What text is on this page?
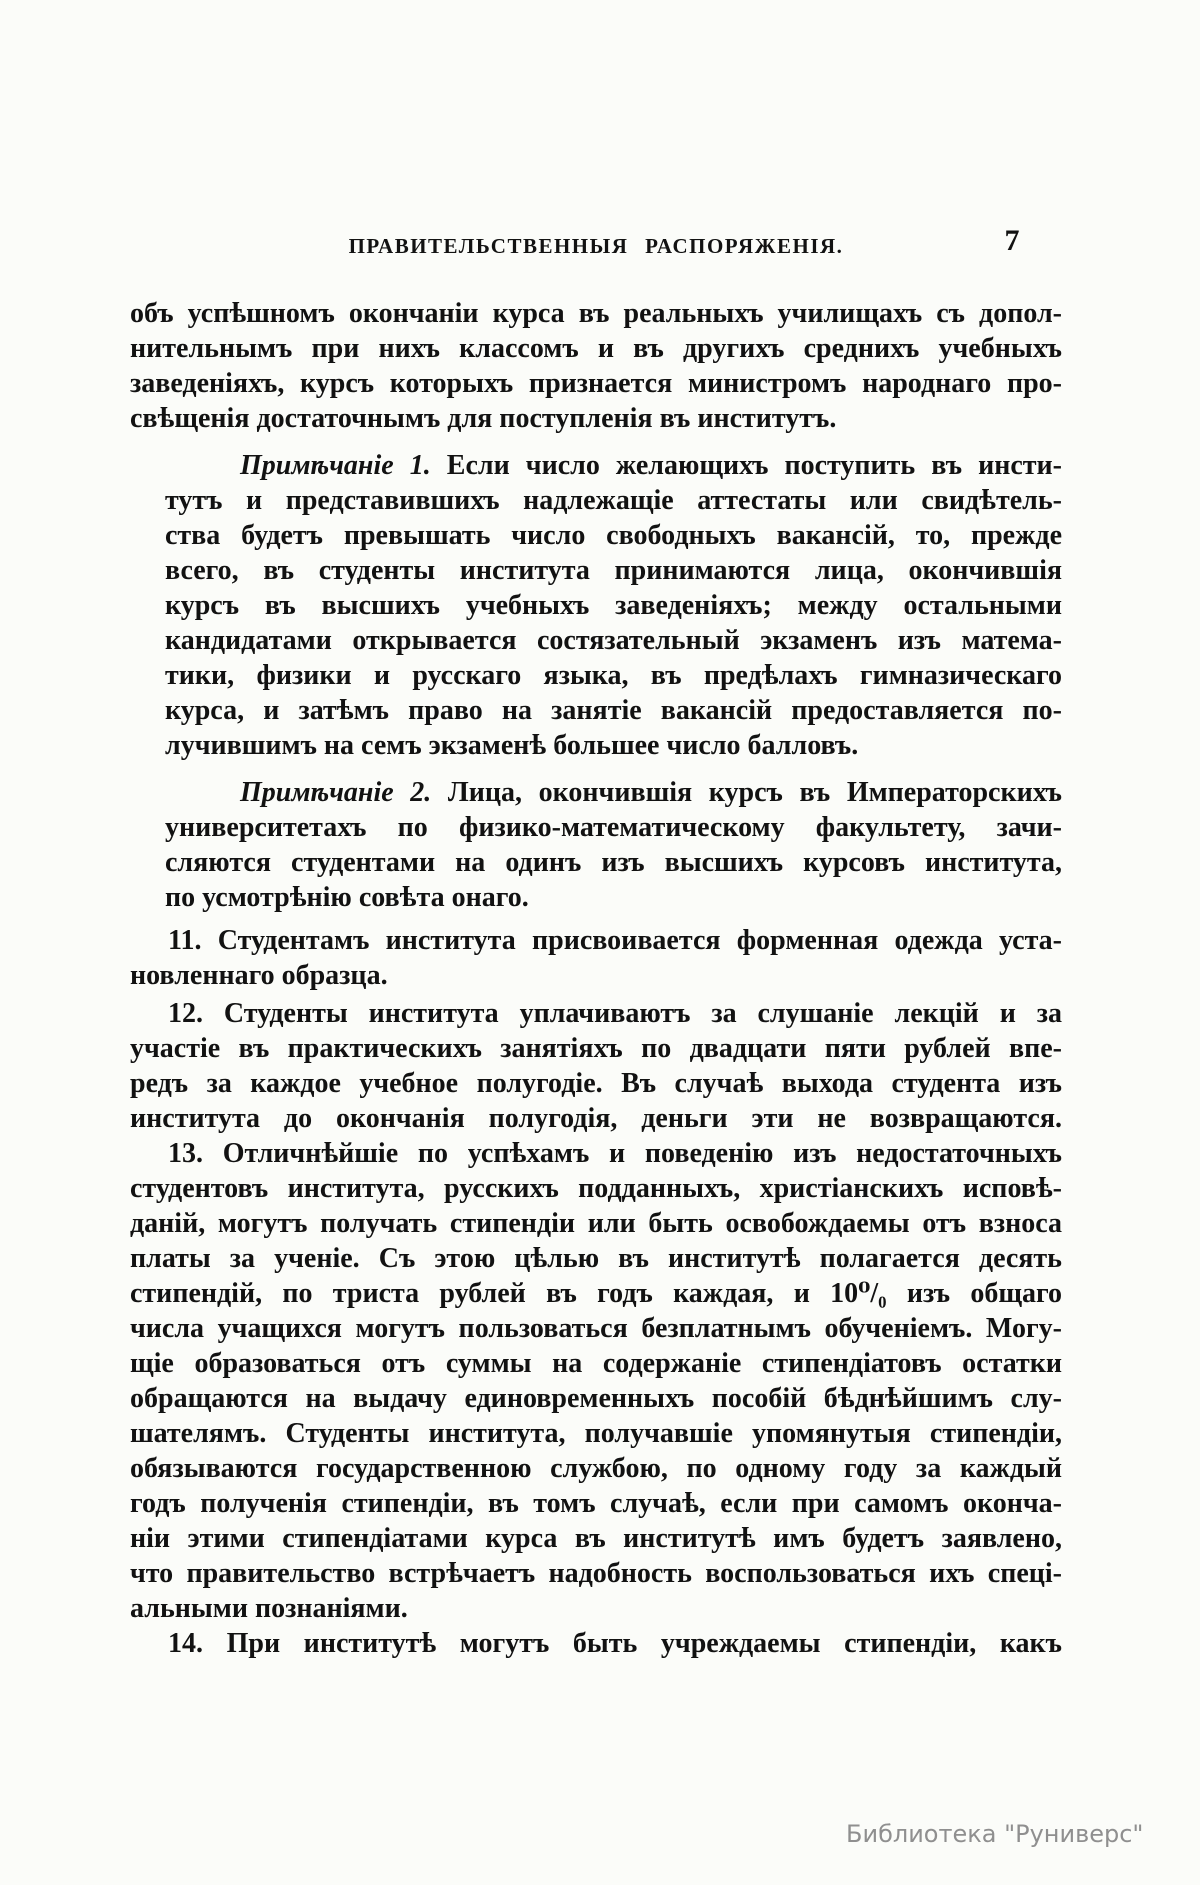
ПРАВИТЕЛЬСТВЕННЫЯ РАСПОРЯЖЕНІЯ.	7
объ успѣшномъ окончаніи курса въ реальныхъ училищахъ съ допол-
нительнымъ при нихъ классомъ и въ другихъ среднихъ учебныхъ
заведеніяхъ, курсъ которыхъ признается министромъ народнаго про-
свѣщенія достаточнымъ для поступленія въ институтъ.
Примѣчаніе 1. Если число желающихъ поступить въ инсти-
тутъ и представившихъ надлежащіе аттестаты или свидѣтель-
ства будетъ превышать число свободныхъ вакансій, то, прежде
всего, въ студенты института принимаются лица, окончившія
курсъ въ высшихъ учебныхъ заведеніяхъ; между остальными
кандидатами открывается состязательный экзаменъ изъ матема-
тики, физики и русскаго языка, въ предѣлахъ гимназическаго
курса, и затѣмъ право на занятіе вакансій предоставляется по-
лучившимъ на семъ экзаменѣ большее число балловъ.
Примѣчаніе 2. Лица, окончившія курсъ въ Императорскихъ
университетахъ по физико-математическому факультету, зачи-
сляются студентами на одинъ изъ высшихъ курсовъ института,
по усмотрѣнію совѣта онаго.
11. Студентамъ института присвоивается форменная одежда уста-
новленнаго образца.
12. Студенты института уплачиваютъ за слушаніе лекцій и за
участіе въ практическихъ занятіяхъ по двадцати пяти рублей впе-
редъ за каждое учебное полугодіе. Въ случаѣ выхода студента изъ
института до окончанія полугодія, деньги эти не возвращаются.
13. Отличнѣйшіе по успѣхамъ и поведенію изъ недостаточныхъ
студентовъ института, русскихъ подданныхъ, христіанскихъ исповѣ-
даній, могутъ получать стипендіи или быть освобождаемы отъ взноса
платы за ученіе. Съ этою цѣлью въ институтѣ полагается десять
стипендій, по триста рублей въ годъ каждая, и 10⁰/₀ изъ общаго
числа учащихся могутъ пользоваться безплатнымъ обученіемъ. Могу-
щіе образоваться отъ суммы на содержаніе стипендіатовъ остатки
обращаются на выдачу единовременныхъ пособій бѣднѣйшимъ слу-
шателямъ. Студенты института, получавшіе упомянутыя стипендіи,
обязываются государственною службою, по одному году за каждый
годъ полученія стипендіи, въ томъ случаѣ, если при самомъ оконча-
ніи этими стипендіатами курса въ институтѣ имъ будетъ заявлено,
что правительство встрѣчаетъ надобность воспользоваться ихъ спеці-
альными познаніями.
14. При институтѣ могутъ быть учреждаемы стипендіи, какъ
Библиотека "Руниверс"
